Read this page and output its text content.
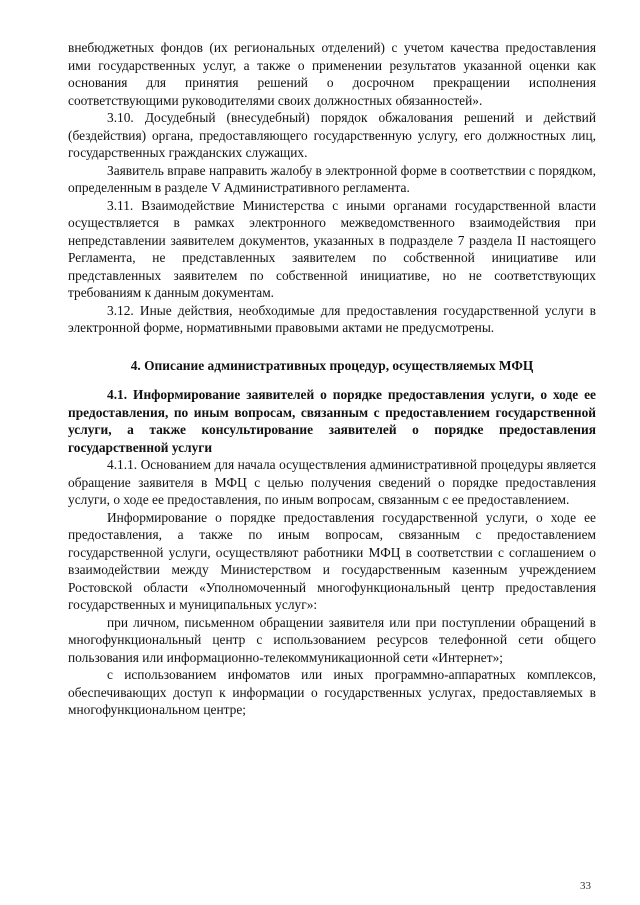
внебюджетных фондов (их региональных отделений) с учетом качества предоставления ими государственных услуг, а также о применении результатов указанной оценки как основания для принятия решений о досрочном прекращении исполнения соответствующими руководителями своих должностных обязанностей».

3.10. Досудебный (внесудебный) порядок обжалования решений и действий (бездействия) органа, предоставляющего государственную услугу, его должностных лиц, государственных гражданских служащих.

Заявитель вправе направить жалобу в электронной форме в соответствии с порядком, определенным в разделе V Административного регламента.

3.11. Взаимодействие Министерства с иными органами государственной власти осуществляется в рамках электронного межведомственного взаимодействия при непредставлении заявителем документов, указанных в подразделе 7 раздела II настоящего Регламента, не представленных заявителем по собственной инициативе или представленных заявителем по собственной инициативе, но не соответствующих требованиям к данным документам.

3.12. Иные действия, необходимые для предоставления государственной услуги в электронной форме, нормативными правовыми актами не предусмотрены.

4. Описание административных процедур, осуществляемых МФЦ

4.1. Информирование заявителей о порядке предоставления услуги, о ходе ее предоставления, по иным вопросам, связанным с предоставлением государственной услуги, а также консультирование заявителей о порядке предоставления государственной услуги

4.1.1. Основанием для начала осуществления административной процедуры является обращение заявителя в МФЦ с целью получения сведений о порядке предоставления услуги, о ходе ее предоставления, по иным вопросам, связанным с ее предоставлением.

Информирование о порядке предоставления государственной услуги, о ходе ее предоставления, а также по иным вопросам, связанным с предоставлением государственной услуги, осуществляют работники МФЦ в соответствии с соглашением о взаимодействии между Министерством и государственным казенным учреждением Ростовской области «Уполномоченный многофункциональный центр предоставления государственных и муниципальных услуг»:

при личном, письменном обращении заявителя или при поступлении обращений в многофункциональный центр с использованием ресурсов телефонной сети общего пользования или информационно-телекоммуникационной сети «Интернет»;

с использованием инфоматов или иных программно-аппаратных комплексов, обеспечивающих доступ к информации о государственных услугах, предоставляемых в многофункциональном центре;

33
